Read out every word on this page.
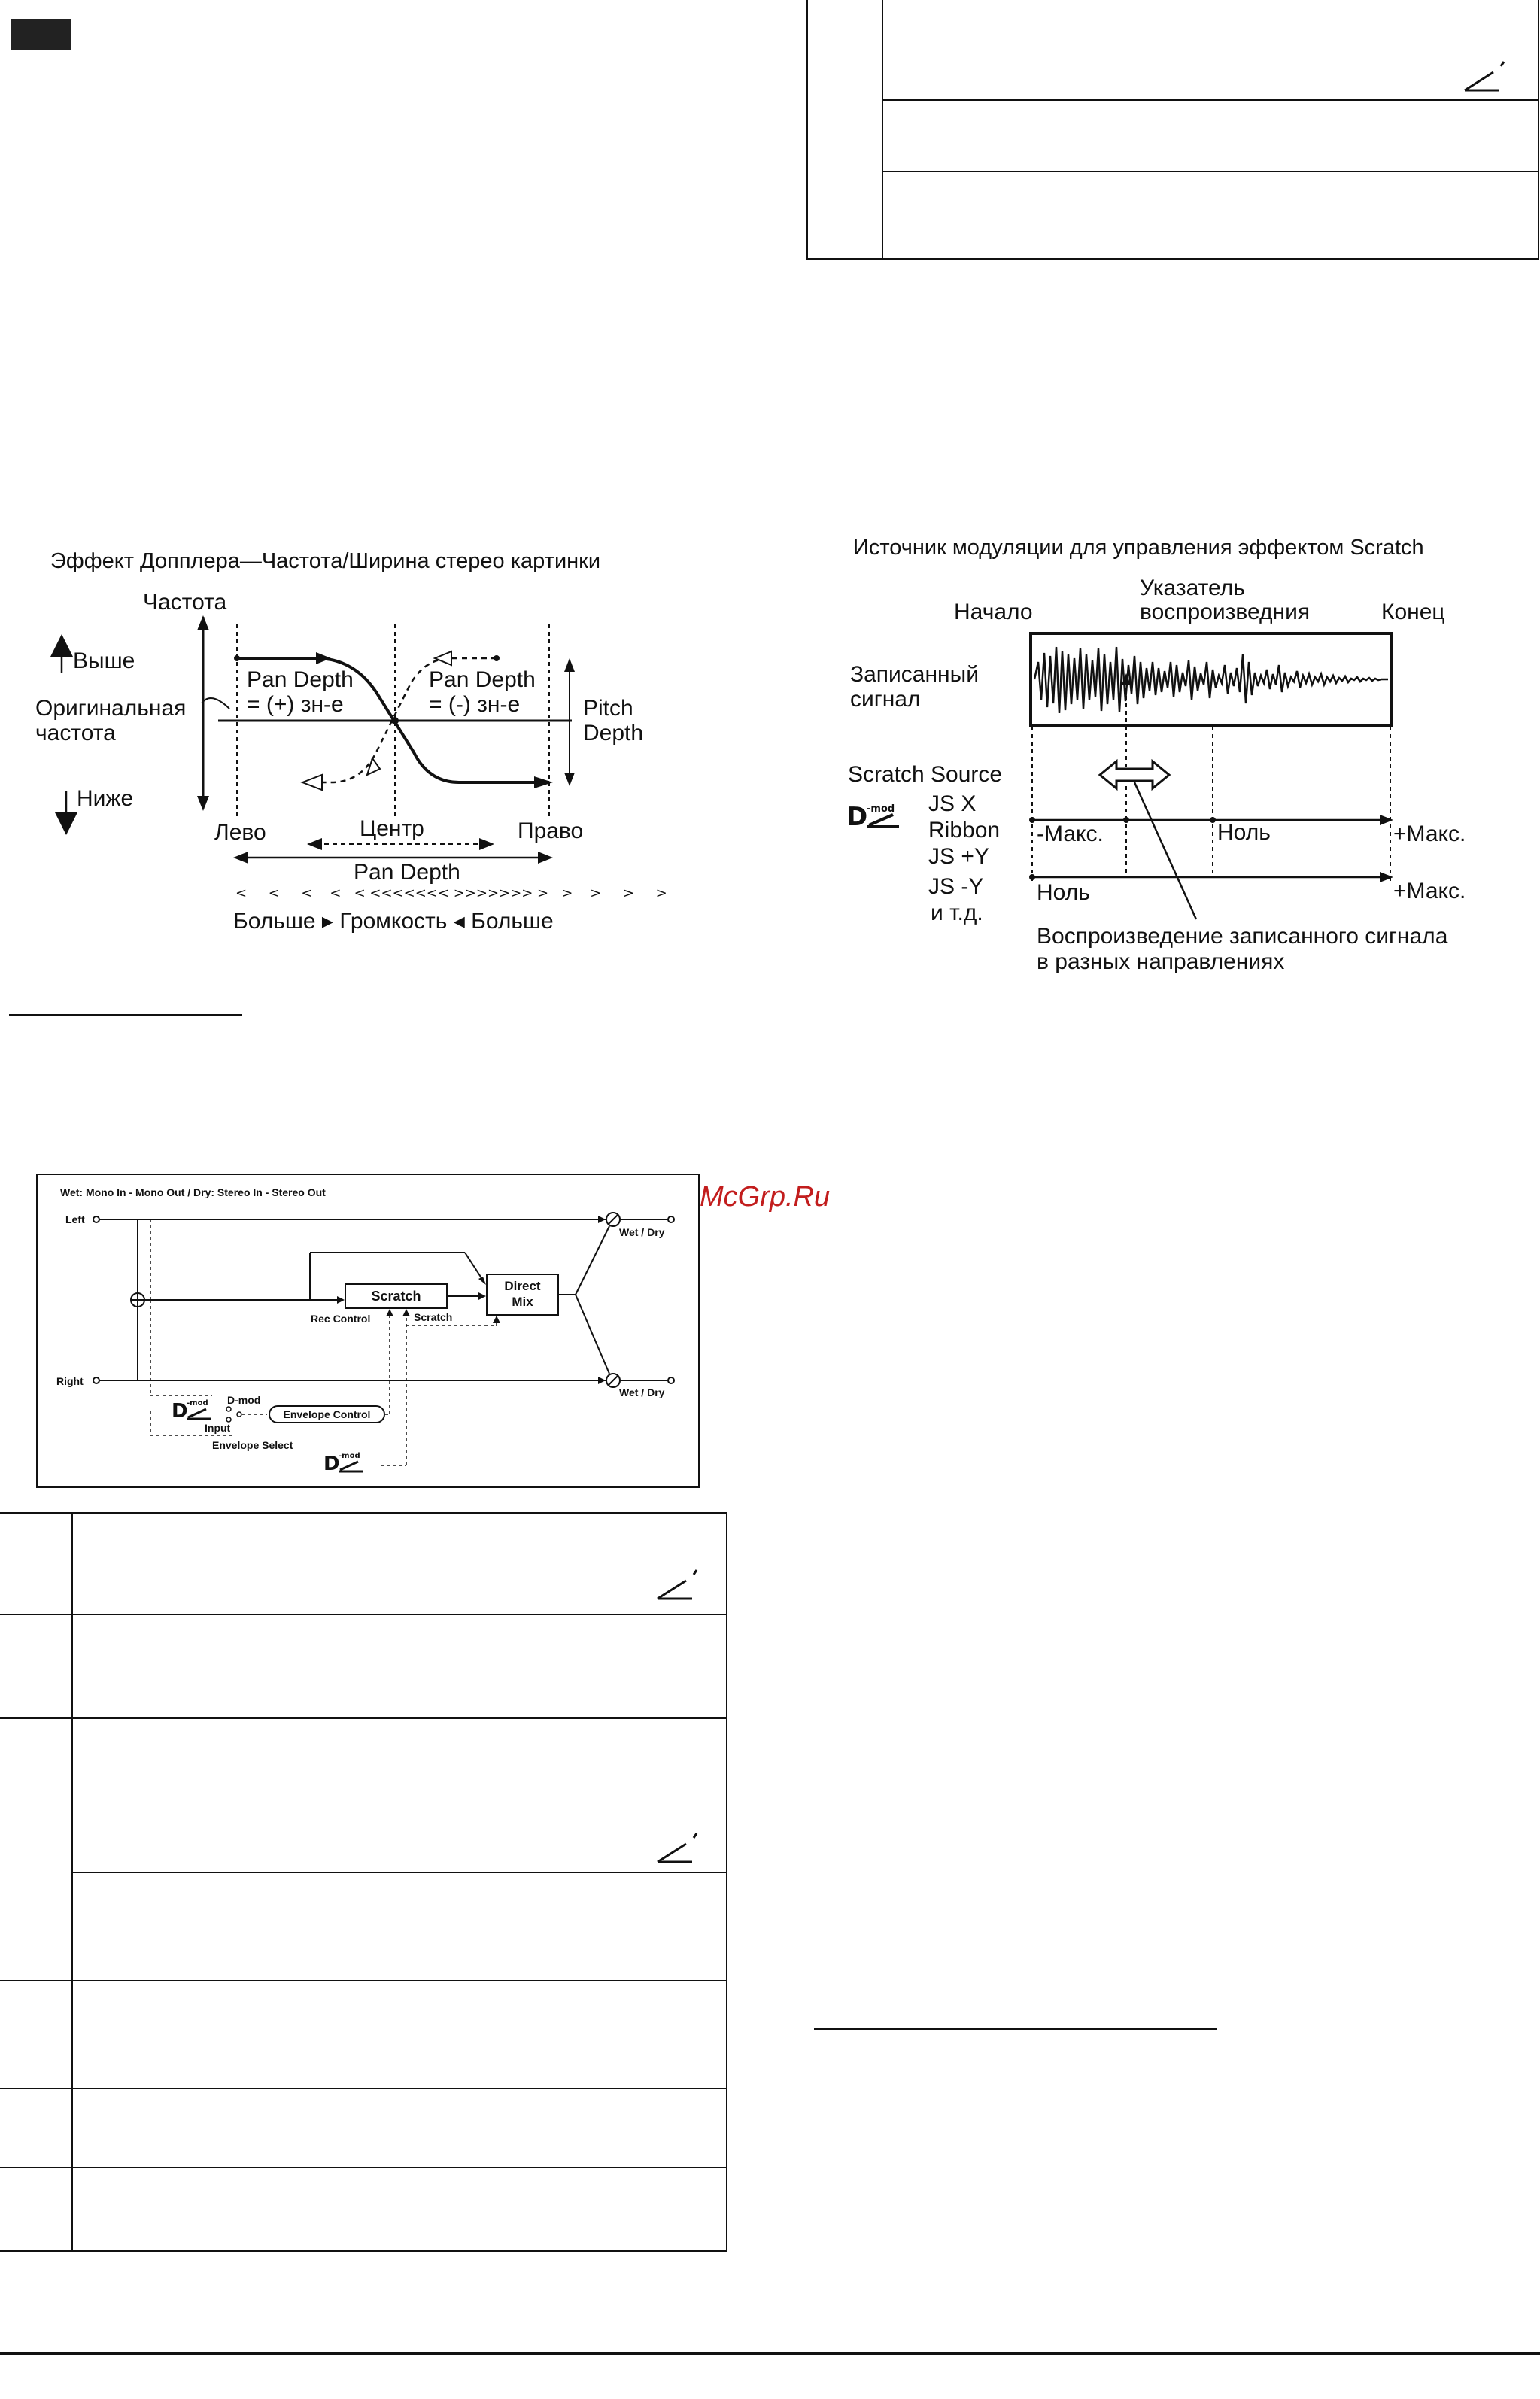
Эффект Допплера—Частота/Ширина стерео картинки
Частота
Выше
Оригинальная
частота
Ниже
Pan Depth
= (+) зн-е
Pan Depth
= (-) зн-е	Pitch
Depth
Лево	Центр	Право
Pan Depth
Больше ▸ Громкость ◂ Больше
<     <     <    <   < <<<<<<< >>>>>>> >   >    >     >     >
Источник модуляции для управления эффектом Scratch
Начало
Указатель
воспроизведния	Конец
Записанный
сигнал
Scratch Source
JS X
Ribbon
JS +Y
JS -Y
и т.д.
-Макс.	Ноль	+Макс.
Ноль	+Макс.
Воспроизведение записанного сигнала
в разных направлениях
D
-mod
McGrp.Ru
Wet: Mono In - Mono Out / Dry: Stereo In - Stereo Out
Left
Right
Rec Control	Scratch
Wet / Dry
Wet / Dry
D-mod
Input
Envelope Select
Scratch
Direct
Mix
Envelope Control
D
-mod
D
-mod
